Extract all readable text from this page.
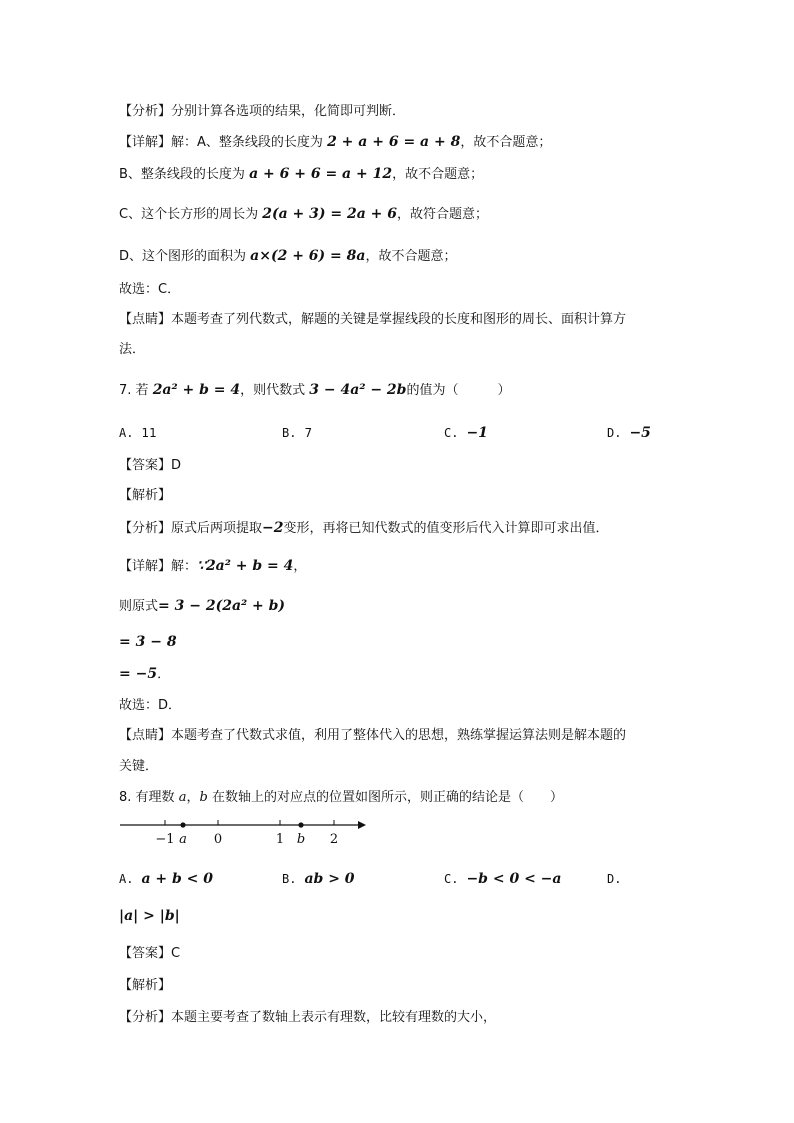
【分析】分别计算各选项的结果，化简即可判断．
【详解】解：A、整条线段的长度为 2 + a + 6 = a + 8，故不合题意；
B、整条线段的长度为 a + 6 + 6 = a + 12，故不合题意；
C、这个长方形的周长为 2(a + 3) = 2a + 6，故符合题意；
D、这个图形的面积为 a×(2 + 6) = 8a，故不合题意；
故选：C．
【点睛】本题考查了列代数式，解题的关键是掌握线段的长度和图形的周长、面积计算方
法．
7. 若 2a² + b = 4，则代数式 3 − 4a² − 2b的值为（　　　）
A. 11	B. 7	C. −1	D. −5
【答案】D
【解析】
【分析】原式后两项提取−2变形，再将已知代数式的值变形后代入计算即可求出值．
【详解】解：∵2a² + b = 4，
则原式= 3 − 2(2a² + b)
= 3 − 8
= −5．
故选：D．
【点睛】本题考查了代数式求值，利用了整体代入的思想，熟练掌握运算法则是解本题的
关键．
8. 有理数 a，b 在数轴上的对应点的位置如图所示，则正确的结论是（　　）
−1 a 0	1 b 2
A. a + b < 0	B. ab > 0	C. −b < 0 < −a	D.
|a| > |b|
【答案】C
【解析】
【分析】本题主要考查了数轴上表示有理数，比较有理数的大小，
